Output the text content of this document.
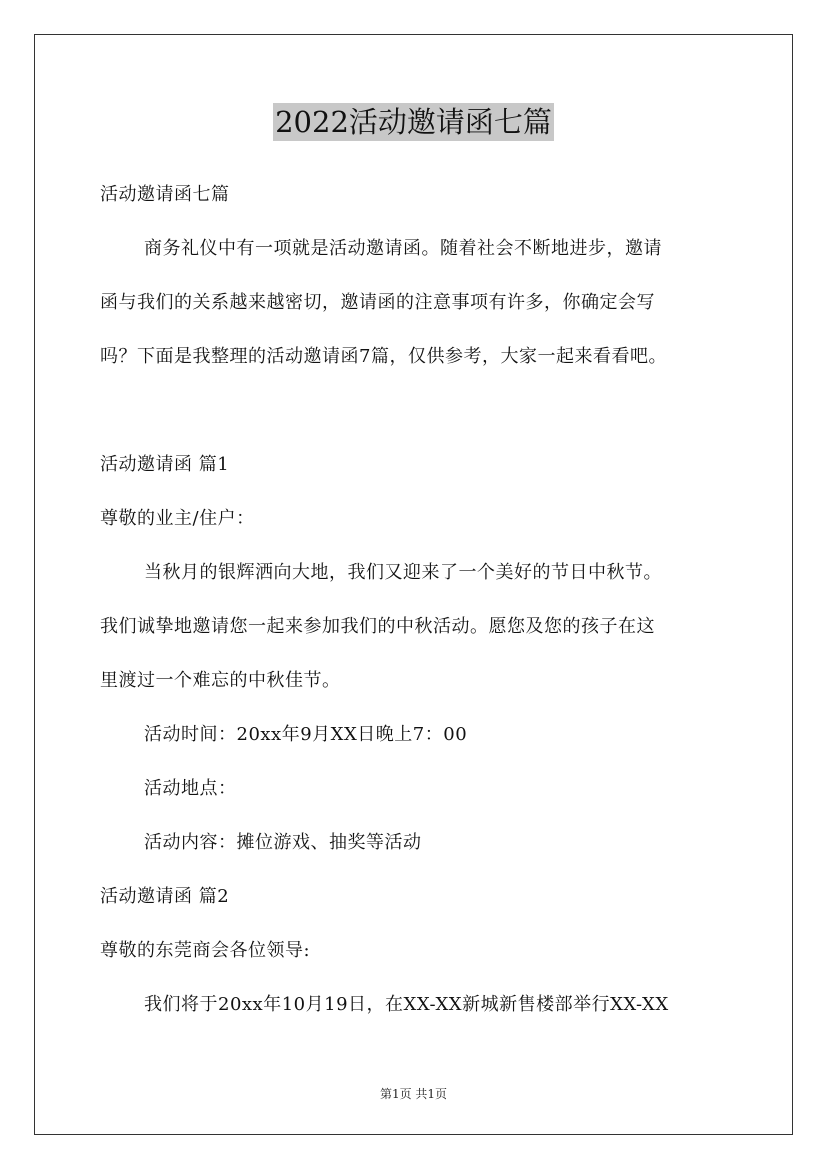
2022活动邀请函七篇
活动邀请函七篇
商务礼仪中有一项就是活动邀请函。随着社会不断地进步，邀请
函与我们的关系越来越密切，邀请函的注意事项有许多，你确定会写
吗？下面是我整理的活动邀请函7篇，仅供参考，大家一起来看看吧。
活动邀请函 篇1
尊敬的业主/住户：
当秋月的银辉洒向大地，我们又迎来了一个美好的节日中秋节。
我们诚挚地邀请您一起来参加我们的中秋活动。愿您及您的孩子在这
里渡过一个难忘的中秋佳节。
活动时间：20xx年9月XX日晚上7：00
活动地点：
活动内容：摊位游戏、抽奖等活动
活动邀请函 篇2
尊敬的东莞商会各位领导:
我们将于20xx年10月19日，在XX-XX新城新售楼部举行XX-XX
第1页 共1页
